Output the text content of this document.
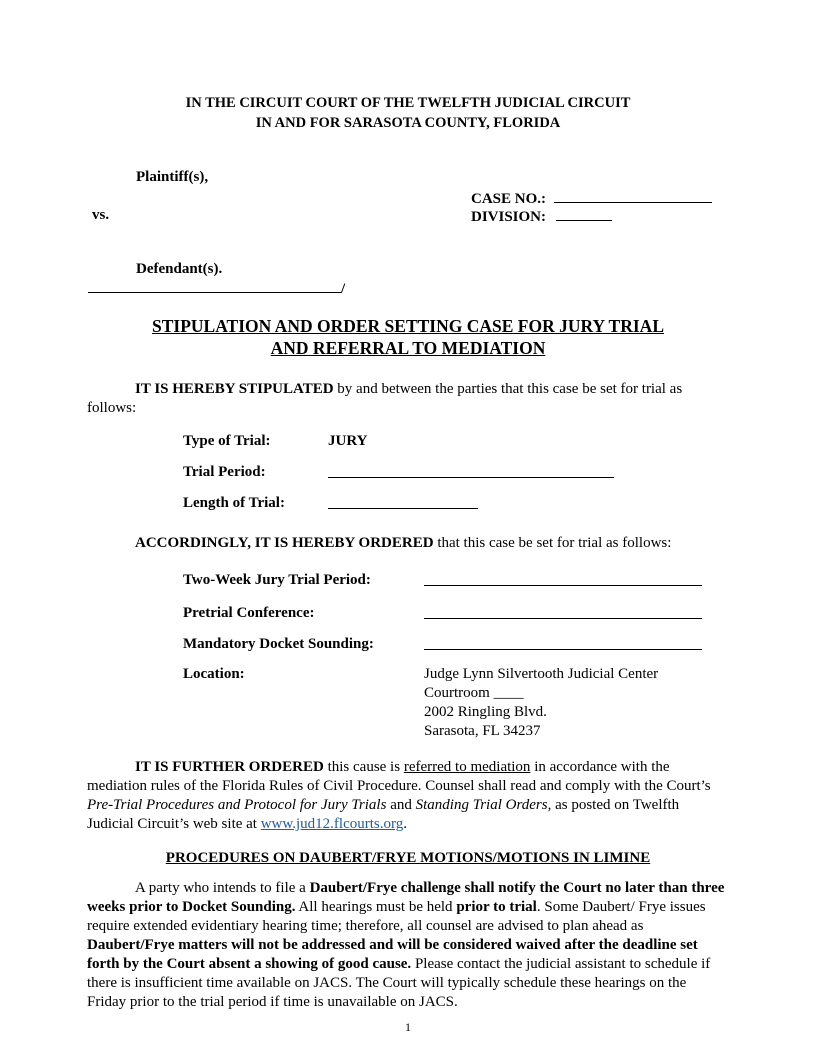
IN THE CIRCUIT COURT OF THE TWELFTH JUDICIAL CIRCUIT
IN AND FOR SARASOTA COUNTY, FLORIDA
Plaintiff(s),
CASE NO.:
vs.	DIVISION:
Defendant(s).
/
STIPULATION AND ORDER SETTING CASE FOR JURY TRIAL
AND REFERRAL TO MEDIATION
IT IS HEREBY STIPULATED by and between the parties that this case be set for trial as follows:
Type of Trial:	JURY
Trial Period:
Length of Trial:
ACCORDINGLY, IT IS HEREBY ORDERED that this case be set for trial as follows:
Two-Week Jury Trial Period:
Pretrial Conference:
Mandatory Docket Sounding:
Location:	Judge Lynn Silvertooth Judicial Center
Courtroom ____
2002 Ringling Blvd.
Sarasota, FL 34237
IT IS FURTHER ORDERED this cause is referred to mediation in accordance with the mediation rules of the Florida Rules of Civil Procedure. Counsel shall read and comply with the Court’s Pre-Trial Procedures and Protocol for Jury Trials and Standing Trial Orders, as posted on Twelfth Judicial Circuit’s web site at www.jud12.flcourts.org.
PROCEDURES ON DAUBERT/FRYE MOTIONS/MOTIONS IN LIMINE
A party who intends to file a Daubert/Frye challenge shall notify the Court no later than three weeks prior to Docket Sounding. All hearings must be held prior to trial. Some Daubert/ Frye issues require extended evidentiary hearing time; therefore, all counsel are advised to plan ahead as Daubert/Frye matters will not be addressed and will be considered waived after the deadline set forth by the Court absent a showing of good cause. Please contact the judicial assistant to schedule if there is insufficient time available on JACS. The Court will typically schedule these hearings on the Friday prior to the trial period if time is unavailable on JACS.
1
